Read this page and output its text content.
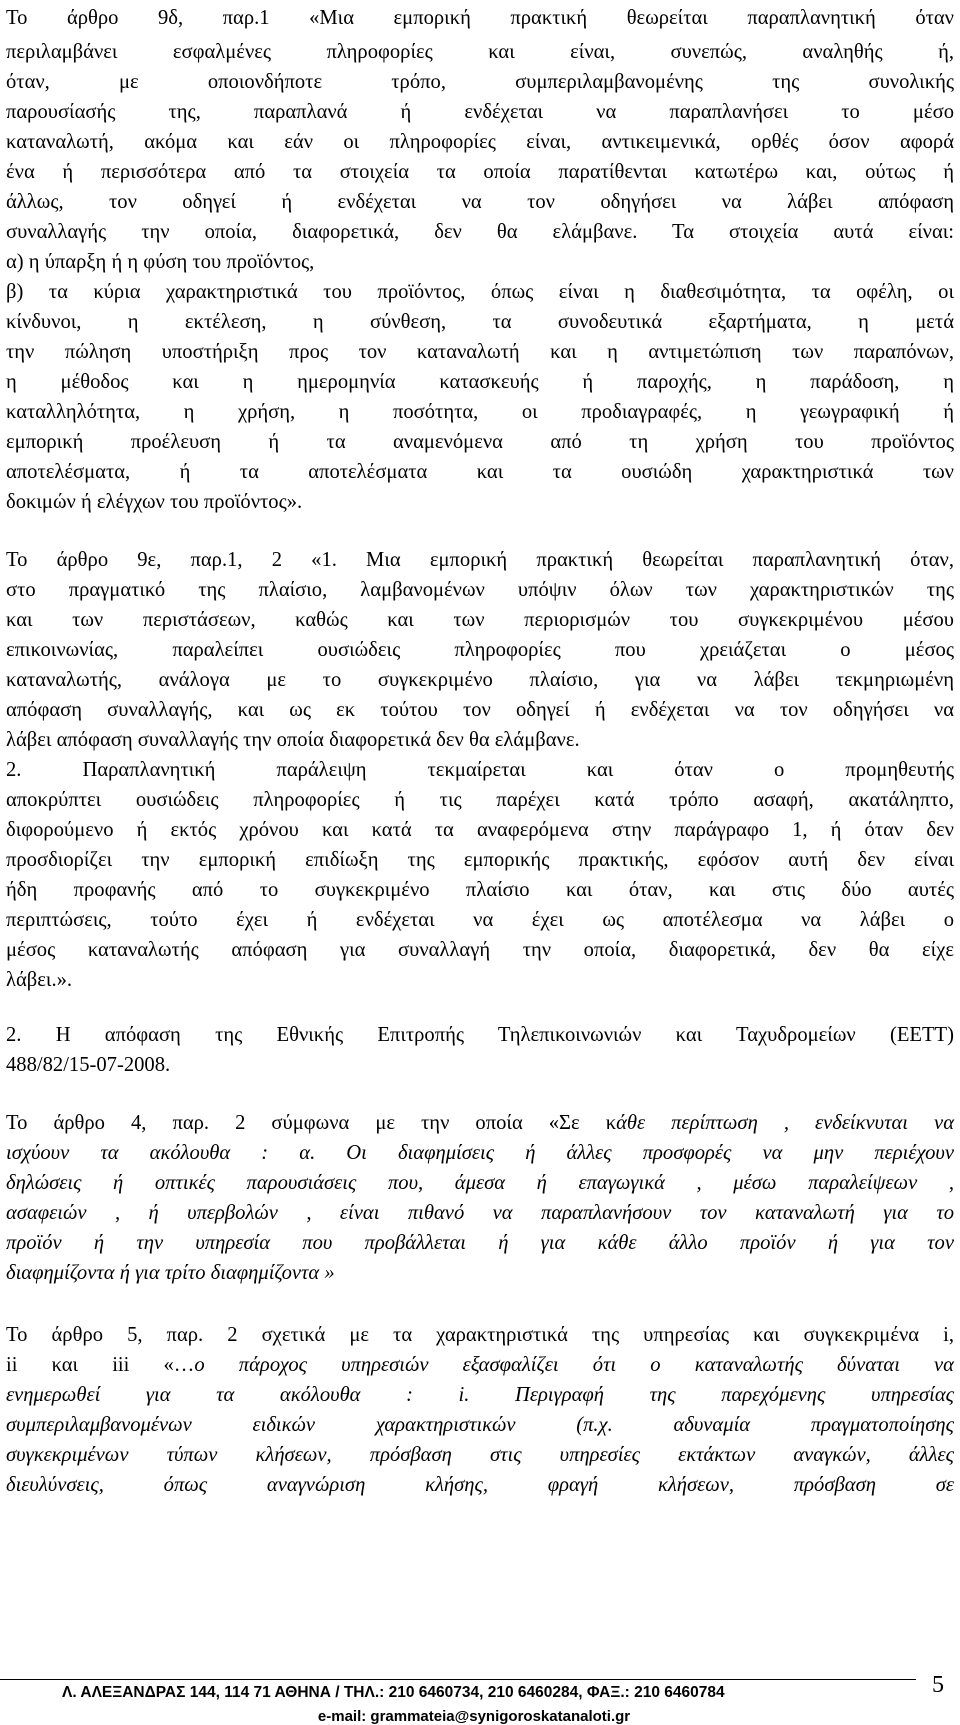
Το άρθρο 9δ, παρ.1 «Μια εμπορική πρακτική θεωρείται παραπλανητική όταν
περιλαμβάνει εσφαλμένες πληροφορίες και είναι, συνεπώς, αναληθής ή,
όταν, με οποιονδήποτε τρόπο, συμπεριλαμβανομένης της συνολικής
παρουσίασής της, παραπλανά ή ενδέχεται να παραπλανήσει το μέσο
καταναλωτή, ακόμα και εάν οι πληροφορίες είναι, αντικειμενικά, ορθές όσον αφορά
ένα ή περισσότερα από τα στοιχεία τα οποία παρατίθενται κατωτέρω και, ούτως ή
άλλως, τον οδηγεί ή ενδέχεται να τον οδηγήσει να λάβει απόφαση
συναλλαγής την οποία, διαφορετικά, δεν θα ελάμβανε. Τα στοιχεία αυτά είναι:
α) η ύπαρξη ή η φύση του προϊόντος,
β) τα κύρια χαρακτηριστικά του προϊόντος, όπως είναι η διαθεσιμότητα, τα οφέλη, οι
κίνδυνοι, η εκτέλεση, η σύνθεση, τα συνοδευτικά εξαρτήματα, η μετά
την πώληση υποστήριξη προς τον καταναλωτή και η αντιμετώπιση των παραπόνων,
η μέθοδος και η ημερομηνία κατασκευής ή παροχής, η παράδοση, η
καταλληλότητα, η χρήση, η ποσότητα, οι προδιαγραφές, η γεωγραφική ή
εμπορική προέλευση ή τα αναμενόμενα από τη χρήση του προϊόντος
αποτελέσματα, ή τα αποτελέσματα και τα ουσιώδη χαρακτηριστικά των
δοκιμών ή ελέγχων του προϊόντος».
Το άρθρο 9ε, παρ.1, 2 «1. Μια εμπορική πρακτική θεωρείται παραπλανητική όταν,
στο πραγματικό της πλαίσιο, λαμβανομένων υπόψιν όλων των χαρακτηριστικών της
και των περιστάσεων, καθώς και των περιορισμών του συγκεκριμένου μέσου
επικοινωνίας, παραλείπει ουσιώδεις πληροφορίες που χρειάζεται ο μέσος
καταναλωτής, ανάλογα με το συγκεκριμένο πλαίσιο, για να λάβει τεκμηριωμένη
απόφαση συναλλαγής, και ως εκ τούτου τον οδηγεί ή ενδέχεται να τον οδηγήσει να
λάβει απόφαση συναλλαγής την οποία διαφορετικά δεν θα ελάμβανε.
2. Παραπλανητική παράλειψη τεκμαίρεται και όταν ο προμηθευτής
αποκρύπτει ουσιώδεις πληροφορίες ή τις παρέχει κατά τρόπο ασαφή, ακατάληπτο,
διφορούμενο ή εκτός χρόνου και κατά τα αναφερόμενα στην παράγραφο 1, ή όταν δεν
προσδιορίζει την εμπορική επιδίωξη της εμπορικής πρακτικής, εφόσον αυτή δεν είναι
ήδη προφανής από το συγκεκριμένο πλαίσιο και όταν, και στις δύο αυτές
περιπτώσεις, τούτο έχει ή ενδέχεται να έχει ως αποτέλεσμα να λάβει ο
μέσος καταναλωτής απόφαση για συναλλαγή την οποία, διαφορετικά, δεν θα είχε
λάβει.».
2. Η απόφαση της Εθνικής Επιτροπής Τηλεπικοινωνιών και Ταχυδρομείων (ΕΕΤΤ)
488/82/15-07-2008.
Το άρθρο 4, παρ. 2 σύμφωνα με την οποία «Σε κάθε περίπτωση , ενδείκνυται να
ισχύουν τα ακόλουθα : α. Οι διαφημίσεις ή άλλες προσφορές να μην περιέχουν
δηλώσεις ή οπτικές παρουσιάσεις που, άμεσα ή επαγωγικά , μέσω παραλείψεων ,
ασαφειών , ή υπερβολών , είναι πιθανό να παραπλανήσουν τον καταναλωτή για το
προϊόν ή την υπηρεσία που προβάλλεται ή για κάθε άλλο προϊόν ή για τον
διαφημίζοντα ή για τρίτο διαφημίζοντα »
Το άρθρο 5, παρ. 2 σχετικά με τα χαρακτηριστικά της υπηρεσίας και συγκεκριμένα i,
ii και iii «…ο πάροχος υπηρεσιών εξασφαλίζει ότι ο καταναλωτής δύναται να
ενημερωθεί για τα ακόλουθα : i. Περιγραφή της παρεχόμενης υπηρεσίας
συμπεριλαμβανομένων ειδικών χαρακτηριστικών (π.χ. αδυναμία πραγματοποίησης
συγκεκριμένων τύπων κλήσεων, πρόσβαση στις υπηρεσίες εκτάκτων αναγκών, άλλες
διευλύνσεις, όπως αναγνώριση κλήσης, φραγή κλήσεων, πρόσβαση σε
Λ. ΑΛΕΞΑΝΔΡΑΣ 144, 114 71 ΑΘΗΝΑ / ΤΗΛ.: 210 6460734, 210 6460284, ΦΑΞ.: 210 6460784	5
e-mail: grammateia@synigoroskatanaloti.gr
